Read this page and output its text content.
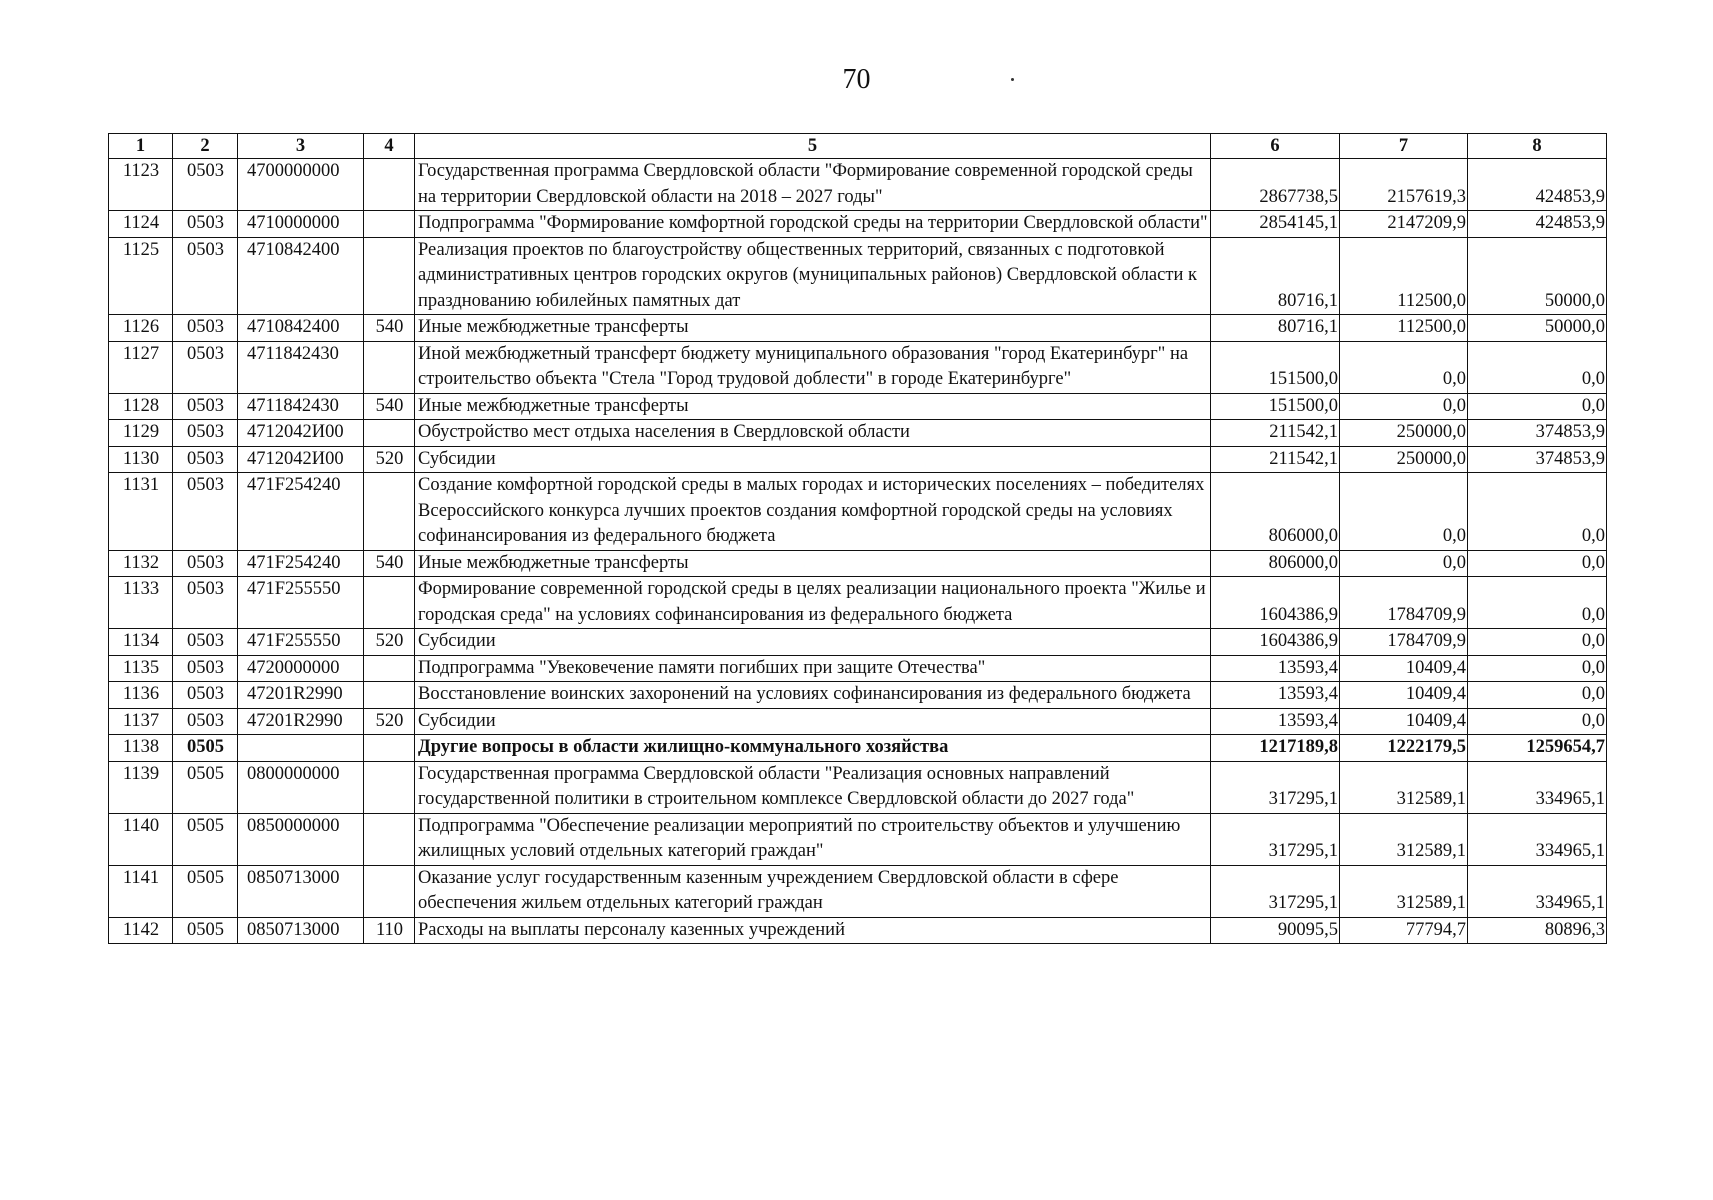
70
1	2	3	4	5	6	7	8
1123	0503	4700000000		Государственная программа Свердловской области "Формирование современной городской среды на территории Свердловской области на 2018 – 2027 годы"	2867738,5	2157619,3	424853,9
1124	0503	4710000000		Подпрограмма "Формирование комфортной городской среды на территории Свердловской области"	2854145,1	2147209,9	424853,9
1125	0503	4710842400		Реализация проектов по благоустройству общественных территорий, связанных с подготовкой административных центров городских округов (муниципальных районов) Свердловской области к празднованию юбилейных памятных дат	80716,1	112500,0	50000,0
1126	0503	4710842400	540	Иные межбюджетные трансферты	80716,1	112500,0	50000,0
1127	0503	4711842430		Иной межбюджетный трансферт бюджету муниципального образования "город Екатеринбург" на строительство объекта "Стела "Город трудовой доблести" в городе Екатеринбурге"	151500,0	0,0	0,0
1128	0503	4711842430	540	Иные межбюджетные трансферты	151500,0	0,0	0,0
1129	0503	4712042И00		Обустройство мест отдыха населения в Свердловской области	211542,1	250000,0	374853,9
1130	0503	4712042И00	520	Субсидии	211542,1	250000,0	374853,9
1131	0503	471F254240		Создание комфортной городской среды в малых городах и исторических поселениях – победителях Всероссийского конкурса лучших проектов создания комфортной городской среды на условиях софинансирования из федерального бюджета	806000,0	0,0	0,0
1132	0503	471F254240	540	Иные межбюджетные трансферты	806000,0	0,0	0,0
1133	0503	471F255550		Формирование современной городской среды в целях реализации национального проекта "Жилье и городская среда" на условиях софинансирования из федерального бюджета	1604386,9	1784709,9	0,0
1134	0503	471F255550	520	Субсидии	1604386,9	1784709,9	0,0
1135	0503	4720000000		Подпрограмма "Увековечение памяти погибших при защите Отечества"	13593,4	10409,4	0,0
1136	0503	47201R2990		Восстановление воинских захоронений на условиях софинансирования из федерального бюджета	13593,4	10409,4	0,0
1137	0503	47201R2990	520	Субсидии	13593,4	10409,4	0,0
1138	0505			Другие вопросы в области жилищно-коммунального хозяйства	1217189,8	1222179,5	1259654,7
1139	0505	0800000000		Государственная программа Свердловской области "Реализация основных направлений государственной политики в строительном комплексе Свердловской области до 2027 года"	317295,1	312589,1	334965,1
1140	0505	0850000000		Подпрограмма "Обеспечение реализации мероприятий по строительству объектов и улучшению жилищных условий отдельных категорий граждан"	317295,1	312589,1	334965,1
1141	0505	0850713000		Оказание услуг государственным казенным учреждением Свердловской области в сфере обеспечения жильем отдельных категорий граждан	317295,1	312589,1	334965,1
1142	0505	0850713000	110	Расходы на выплаты персоналу казенных учреждений	90095,5	77794,7	80896,3
